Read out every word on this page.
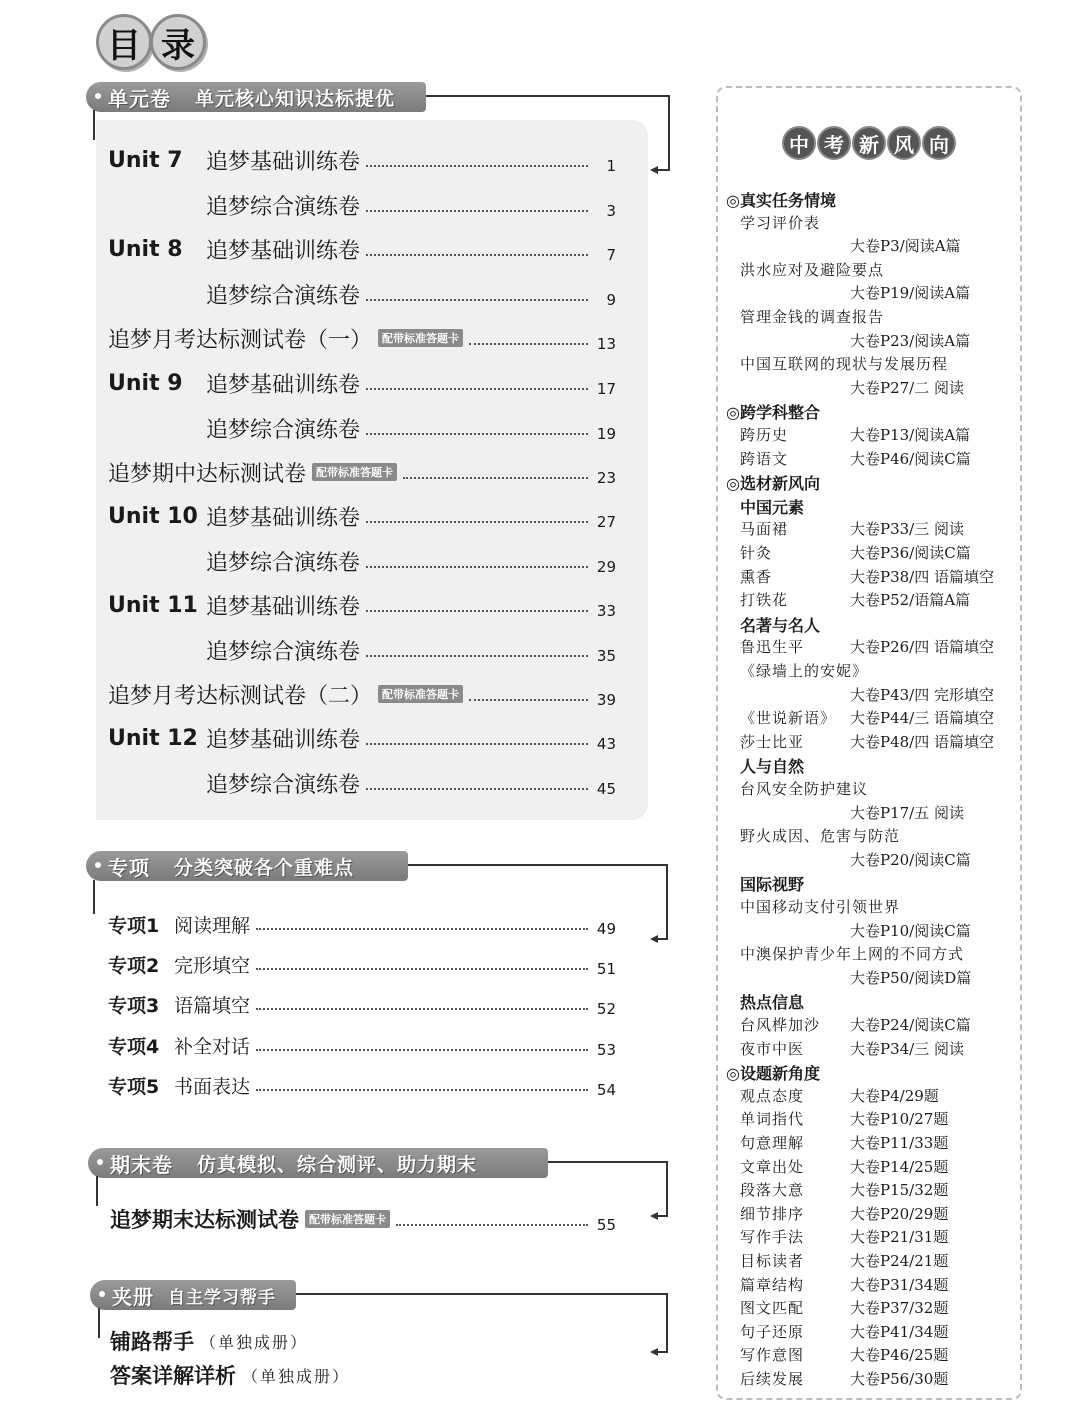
目 录
单元卷 单元核心知识达标提优
Unit 7	追梦基础训练卷	1
追梦综合演练卷	3
Unit 8	追梦基础训练卷	7
追梦综合演练卷	9
追梦月考达标测试卷（一） 配带标准答题卡	13
Unit 9	追梦基础训练卷	17
追梦综合演练卷	19
追梦期中达标测试卷 配带标准答题卡	23
Unit 10 追梦基础训练卷	27
追梦综合演练卷	29
Unit 11 追梦基础训练卷	33
追梦综合演练卷	35
追梦月考达标测试卷（二） 配带标准答题卡	39
Unit 12 追梦基础训练卷	43
追梦综合演练卷	45
专项 分类突破各个重难点
专项1 阅读理解	49
专项2 完形填空	51
专项3 语篇填空	52
专项4 补全对话	53
专项5 书面表达	54
期末卷 仿真模拟、综合测评、助力期末
追梦期末达标测试卷 配带标准答题卡	55
夹册 自主学习帮手
铺路帮手 （单独成册）
答案详解详析 （单独成册）
中 考 新 风 向
◎真实任务情境
学习评价表
大卷P3/阅读A篇
洪水应对及避险要点
大卷P19/阅读A篇
管理金钱的调查报告
大卷P23/阅读A篇
中国互联网的现状与发展历程
大卷P27/二 阅读
◎跨学科整合
跨历史	大卷P13/阅读A篇
跨语文	大卷P46/阅读C篇
◎选材新风向
中国元素
马面裙	大卷P33/三 阅读
针灸	大卷P36/阅读C篇
熏香	大卷P38/四 语篇填空
打铁花	大卷P52/语篇A篇
名著与名人
鲁迅生平	大卷P26/四 语篇填空
《绿墙上的安妮》
大卷P43/四 完形填空
《世说新语》 大卷P44/三 语篇填空
莎士比亚	大卷P48/四 语篇填空
人与自然
台风安全防护建议
大卷P17/五 阅读
野火成因、危害与防范
大卷P20/阅读C篇
国际视野
中国移动支付引领世界
大卷P10/阅读C篇
中澳保护青少年上网的不同方式
大卷P50/阅读D篇
热点信息
台风桦加沙 大卷P24/阅读C篇
夜市中医	大卷P34/三 阅读
◎设题新角度
观点态度	大卷P4/29题
单词指代	大卷P10/27题
句意理解	大卷P11/33题
文章出处	大卷P14/25题
段落大意	大卷P15/32题
细节排序	大卷P20/29题
写作手法	大卷P21/31题
目标读者	大卷P24/21题
篇章结构	大卷P31/34题
图文匹配	大卷P37/32题
句子还原	大卷P41/34题
写作意图	大卷P46/25题
后续发展	大卷P56/30题
